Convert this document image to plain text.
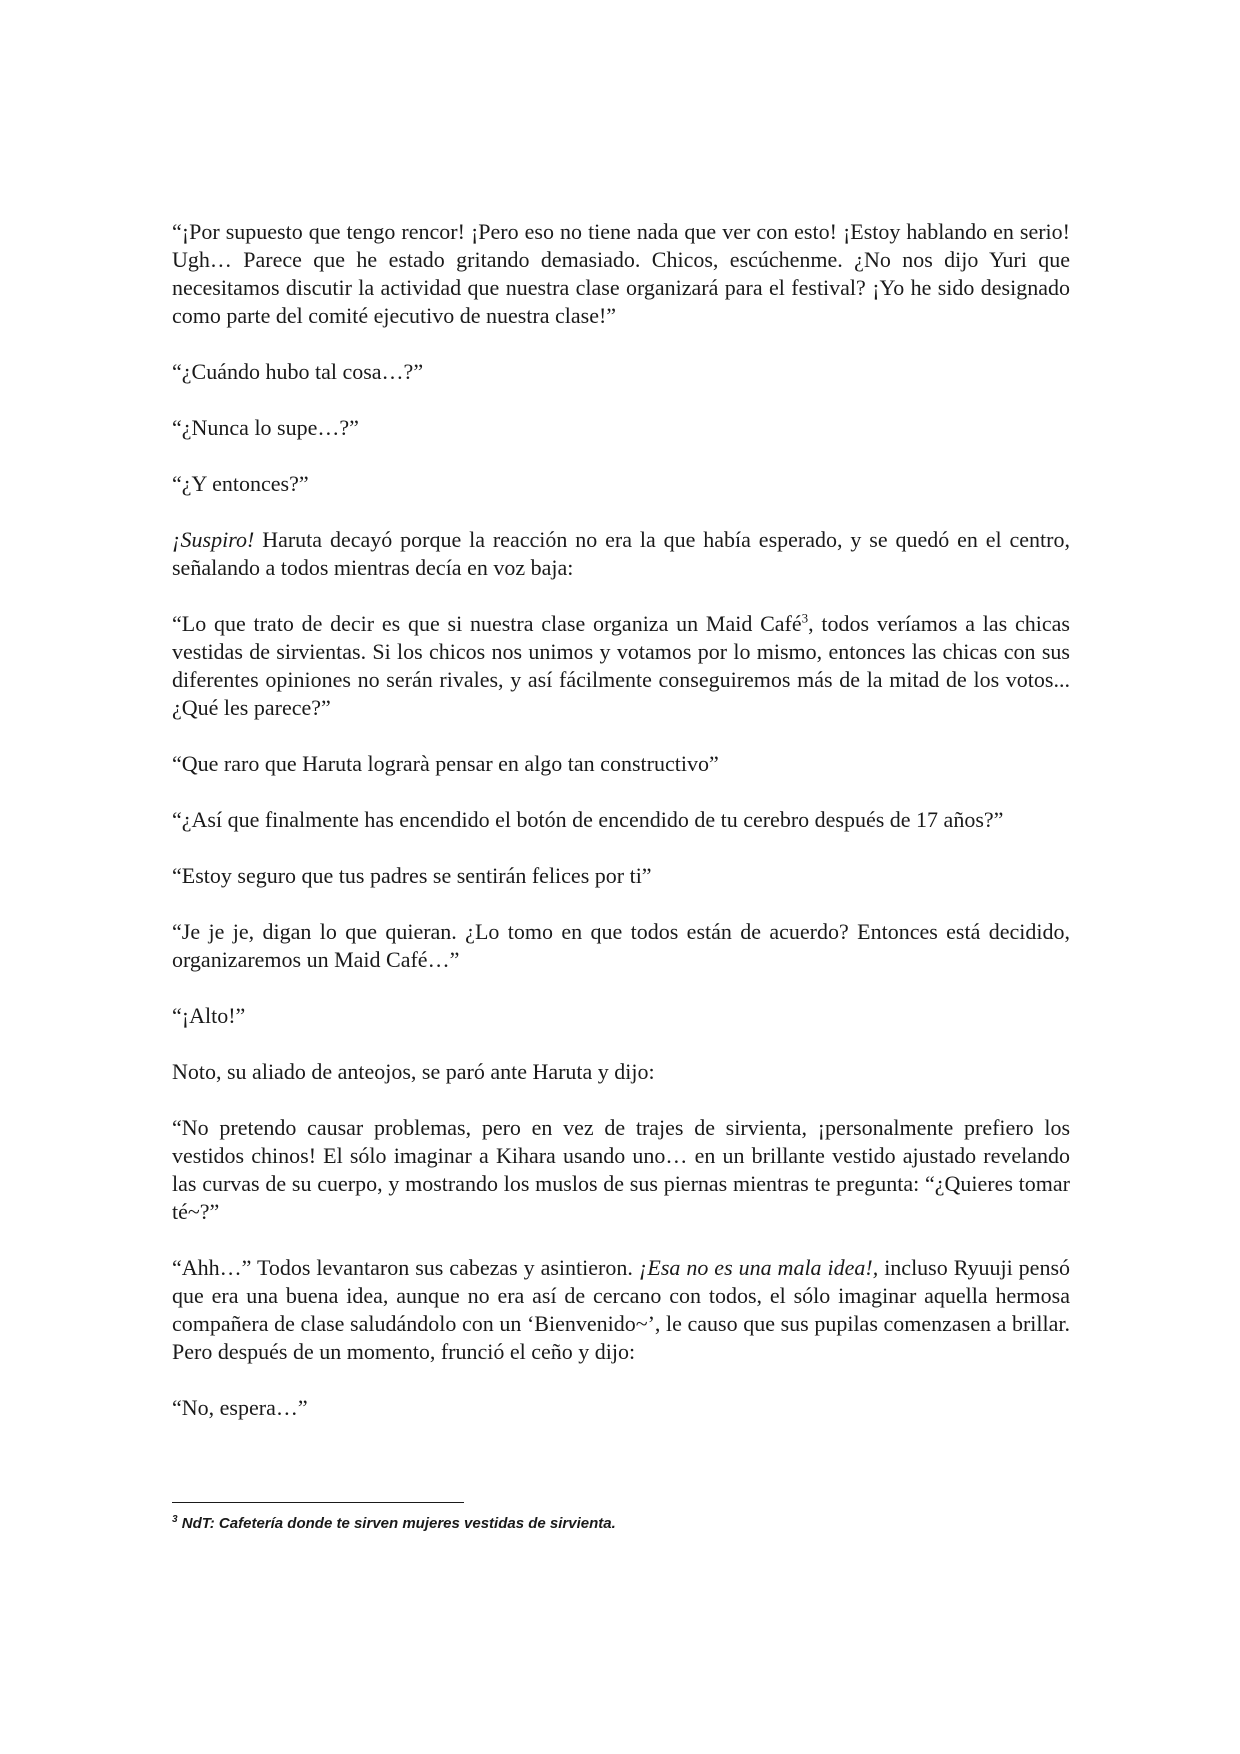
“¡Por supuesto que tengo rencor! ¡Pero eso no tiene nada que ver con esto! ¡Estoy hablando en serio! Ugh… Parece que he estado gritando demasiado. Chicos, escúchenme. ¿No nos dijo Yuri que necesitamos discutir la actividad que nuestra clase organizará para el festival? ¡Yo he sido designado como parte del comité ejecutivo de nuestra clase!”

“¿Cuándo hubo tal cosa…?”

“¿Nunca lo supe…?”

“¿Y entonces?”

¡Suspiro! Haruta decayó porque la reacción no era la que había esperado, y se quedó en el centro, señalando a todos mientras decía en voz baja:

“Lo que trato de decir es que si nuestra clase organiza un Maid Café$^3$, todos veríamos a las chicas vestidas de sirvientas. Si los chicos nos unimos y votamos por lo mismo, entonces las chicas con sus diferentes opiniones no serán rivales, y así fácilmente conseguiremos más de la mitad de los votos... ¿Qué les parece?”

“Que raro que Haruta lograrà pensar en algo tan constructivo”

“¿Así que finalmente has encendido el botón de encendido de tu cerebro después de 17 años?”

“Estoy seguro que tus padres se sentirán felices por ti”

“Je je je, digan lo que quieran. ¿Lo tomo en que todos están de acuerdo? Entonces está decidido, organizaremos un Maid Café…”

“¡Alto!”

Noto, su aliado de anteojos, se paró ante Haruta y dijo:

“No pretendo causar problemas, pero en vez de trajes de sirvienta, ¡personalmente prefiero los vestidos chinos! El sólo imaginar a Kihara usando uno… en un brillante vestido ajustado revelando las curvas de su cuerpo, y mostrando los muslos de sus piernas mientras te pregunta: “¿Quieres tomar té~?”

“Ahh…” Todos levantaron sus cabezas y asintieron. ¡Esa no es una mala idea!, incluso Ryuuji pensó que era una buena idea, aunque no era así de cercano con todos, el sólo imaginar aquella hermosa compañera de clase saludándolo con un ‘Bienvenido~’, le causo que sus pupilas comenzasen a brillar. Pero después de un momento, frunció el ceño y dijo:

“No, espera…”

$^3$ NdT: Cafetería donde te sirven mujeres vestidas de sirvienta.
